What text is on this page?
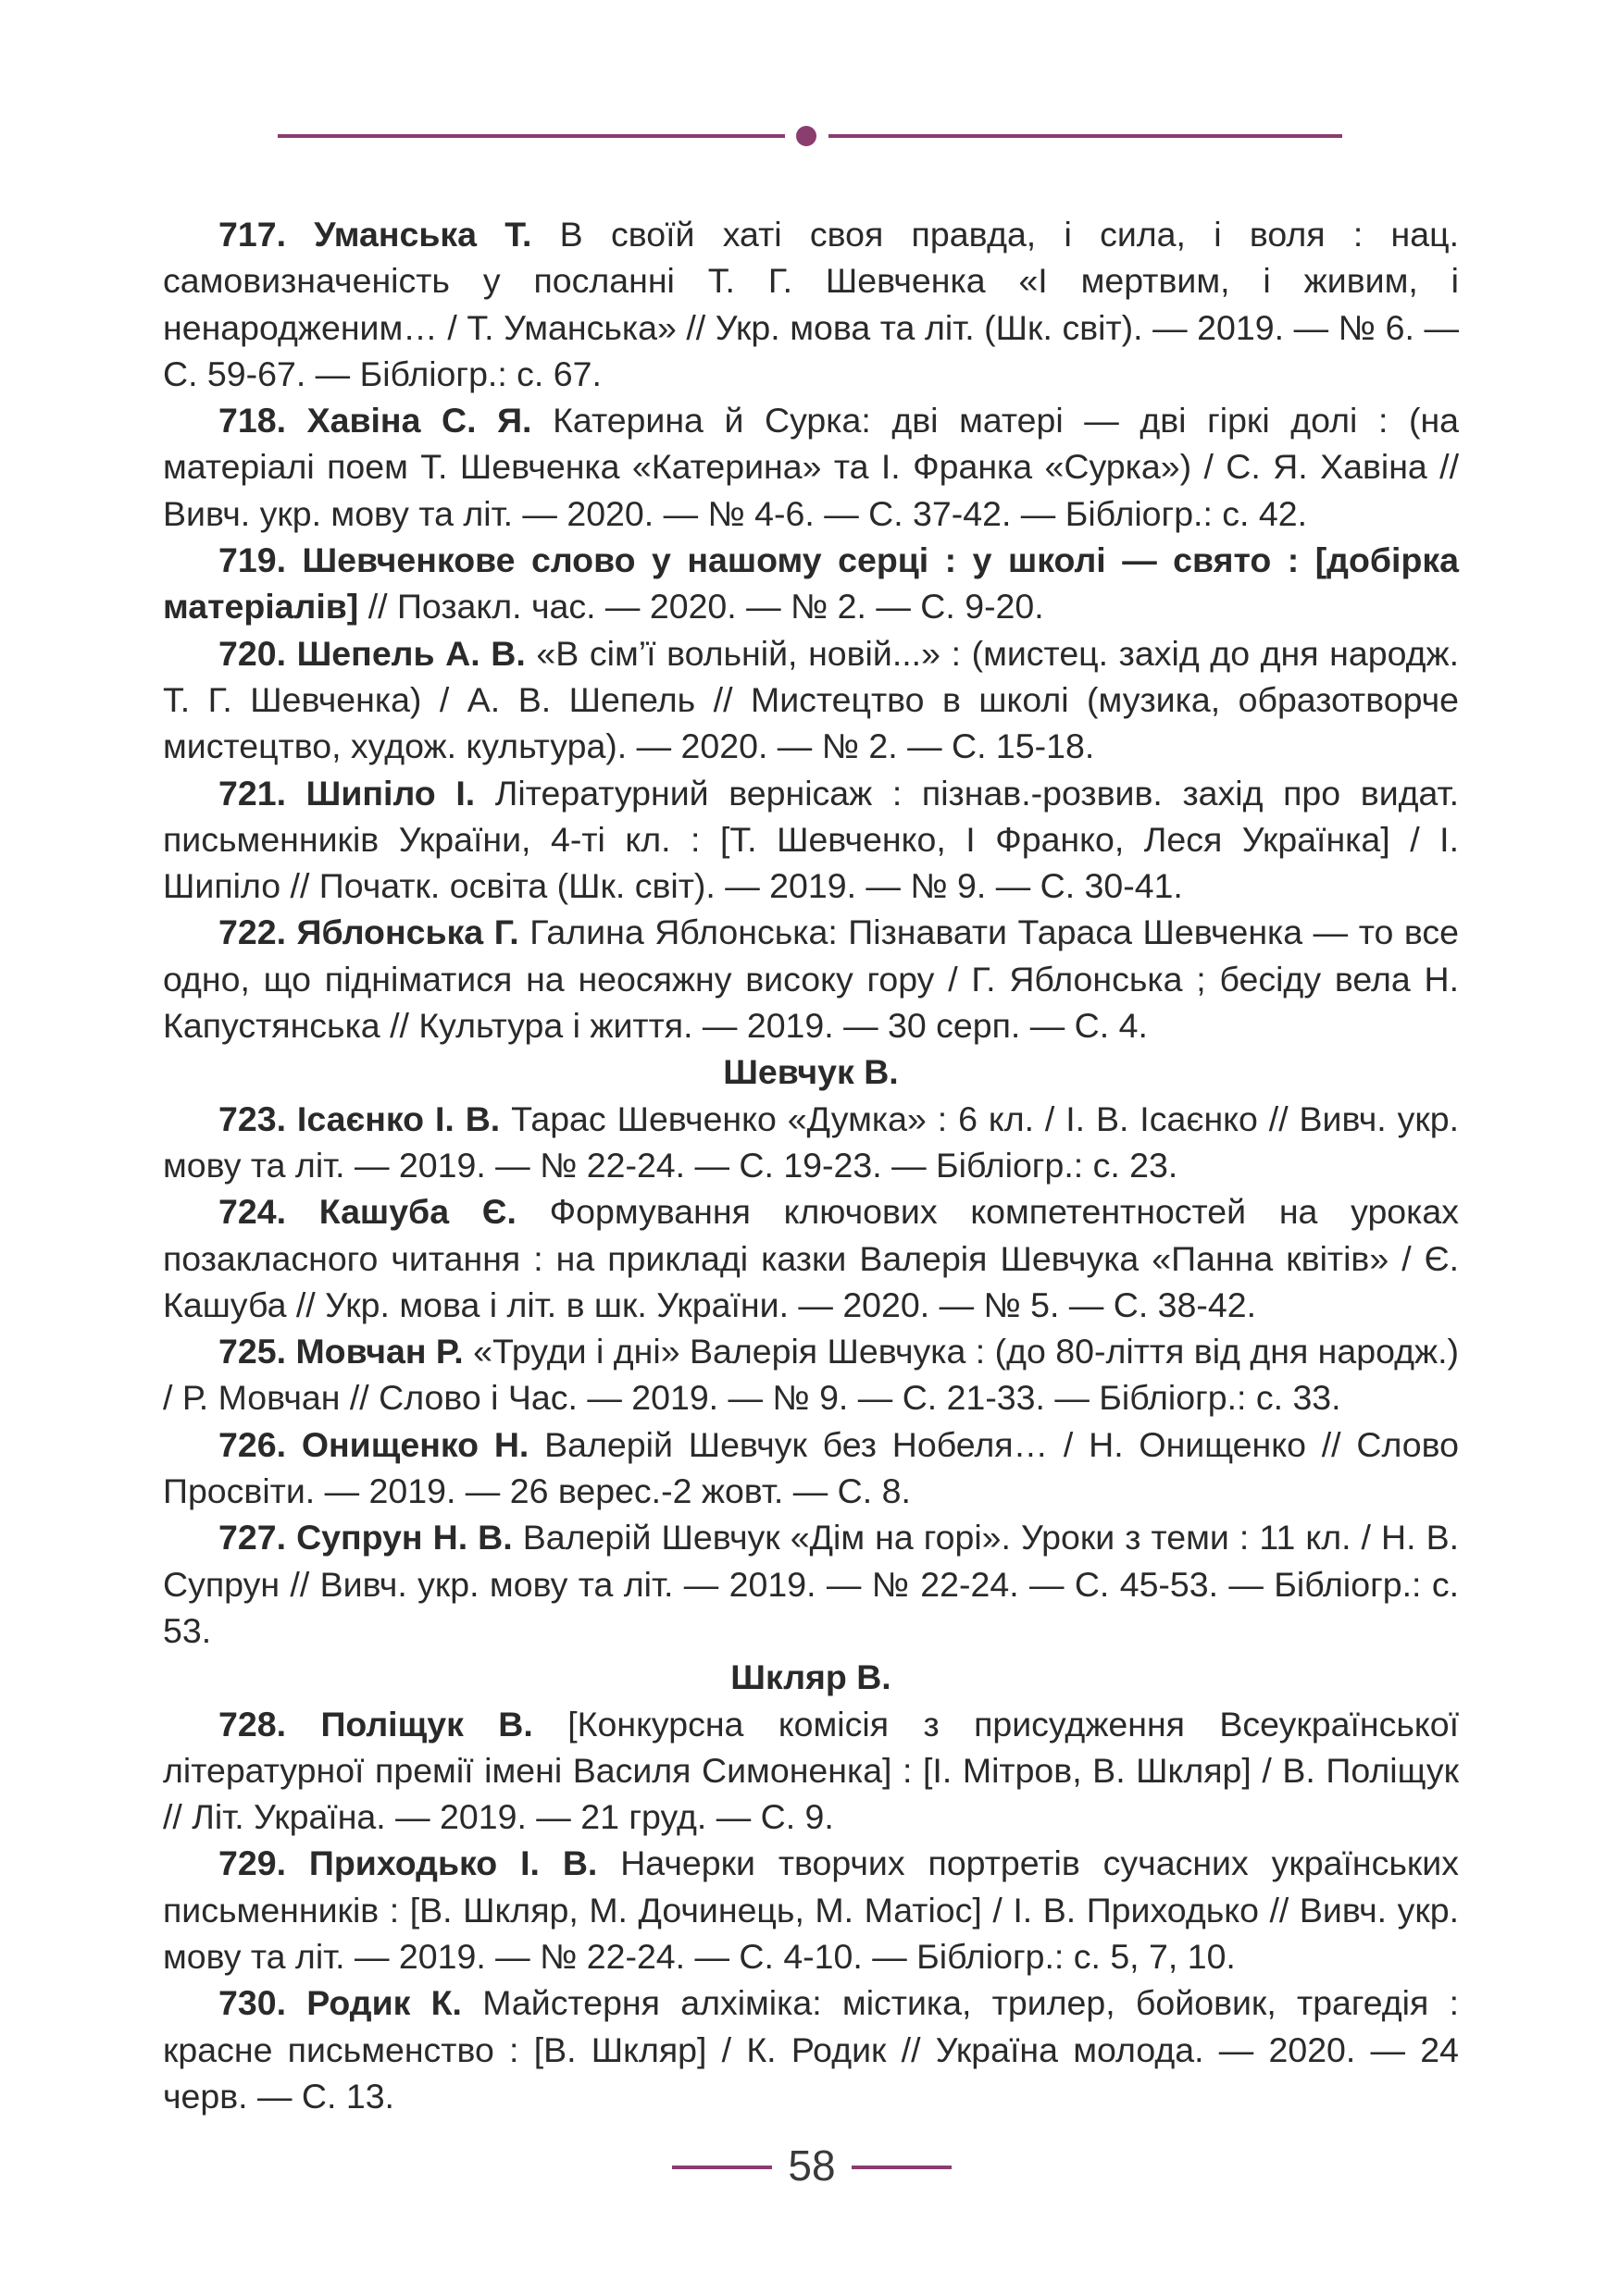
717. Уманська Т. В своїй хаті своя правда, і сила, і воля : нац. самовизначеність у посланні Т. Г. Шевченка «І мертвим, і живим, і ненародженим… / Т. Уманська» // Укр. мова та літ. (Шк. світ). — 2019. — № 6. — С. 59-67. — Бібліогр.: с. 67.

718. Хавіна С. Я. Катерина й Сурка: дві матері — дві гіркі долі : (на матеріалі поем Т. Шевченка «Катерина» та І. Франка «Сурка») / С. Я. Хавіна // Вивч. укр. мову та літ. — 2020. — № 4-6. — С. 37-42. — Бібліогр.: с. 42.

719. Шевченкове слово у нашому серці : у школі — свято : [добірка матеріалів] // Позакл. час. — 2020. — № 2. — С. 9-20.

720. Шепель А. В. «В сім’ї вольній, новій...» : (мистец. захід до дня народж. Т. Г. Шевченка) / А. В. Шепель // Мистецтво в школі (музика, образотворче мистецтво, худож. культура). — 2020. — № 2. — С. 15-18.

721. Шипіло І. Літературний вернісаж : пізнав.-розвив. захід про видат. письменників України, 4-ті кл. : [Т. Шевченко, І Франко, Леся Українка] / І. Шипіло // Початк. освіта (Шк. світ). — 2019. — № 9. — С. 30-41.

722. Яблонська Г. Галина Яблонська: Пізнавати Тараса Шевченка — то все одно, що підніматися на неосяжну високу гору / Г. Яблонська ; бесіду вела Н. Капустянська // Культура і життя. — 2019. — 30 серп. — С. 4.

Шевчук В.

723. Ісаєнко І. В. Тарас Шевченко «Думка» : 6 кл. / І. В. Ісаєнко // Вивч. укр. мову та літ. — 2019. — № 22-24. — С. 19-23. — Бібліогр.: с. 23.

724. Кашуба Є. Формування ключових компетентностей на уроках позакласного читання : на прикладі казки Валерія Шевчука «Панна квітів» / Є. Кашуба // Укр. мова і літ. в шк. України. — 2020. — № 5. — С. 38-42.

725. Мовчан Р. «Труди і дні» Валерія Шевчука : (до 80-ліття від дня народж.) / Р. Мовчан // Слово і Час. — 2019. — № 9. — С. 21-33. — Бібліогр.: с. 33.

726. Онищенко Н. Валерій Шевчук без Нобеля… / Н. Онищенко // Слово Просвіти. — 2019. — 26 верес.-2 жовт. — С. 8.

727. Супрун Н. В. Валерій Шевчук «Дім на горі». Уроки з теми : 11 кл. / Н. В. Супрун // Вивч. укр. мову та літ. — 2019. — № 22-24. — С. 45-53. — Бібліогр.: с. 53.

Шкляр В.

728. Поліщук В. [Конкурсна комісія з присудження Всеукраїнської літературної премії імені Василя Симоненка] : [І. Мітров, В. Шкляр] / В. Поліщук // Літ. Україна. — 2019. — 21 груд. — С. 9.

729. Приходько І. В. Начерки творчих портретів сучасних українських письменників : [В. Шкляр, М. Дочинець, М. Матіос] / І. В. Приходько // Вивч. укр. мову та літ. — 2019. — № 22-24. — С. 4-10. — Бібліогр.: с. 5, 7, 10.

730. Родик К. Майстерня алхіміка: містика, трилер, бойовик, трагедія : красне письменство : [В. Шкляр] / К. Родик // Україна молода. — 2020. — 24 черв. — С. 13.

58
